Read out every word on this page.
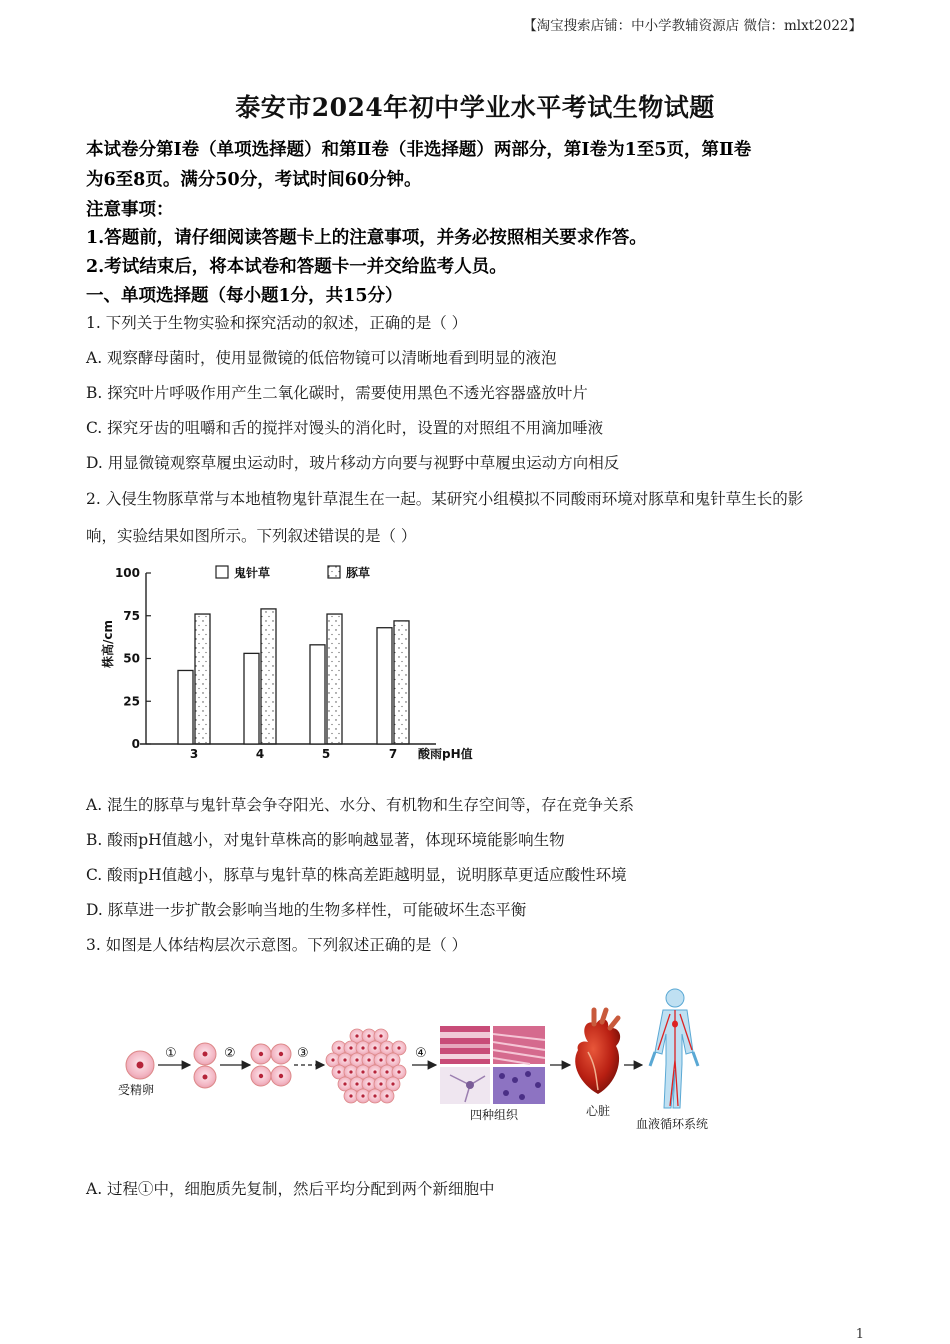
【淘宝搜索店铺：中小学教辅资源店 微信：mlxt2022】
泰安市2024年初中学业水平考试生物试题
本试卷分第Ⅰ卷（单项选择题）和第Ⅱ卷（非选择题）两部分，第Ⅰ卷为1至5页，第Ⅱ卷
为6至8页。满分50分，考试时间60分钟。
注意事项：
1.答题前，请仔细阅读答题卡上的注意事项，并务必按照相关要求作答。
2.考试结束后，将本试卷和答题卡一并交给监考人员。
一、单项选择题（每小题1分，共15分）
1. 下列关于生物实验和探究活动的叙述，正确的是（ ）
A. 观察酵母菌时，使用显微镜的低倍物镜可以清晰地看到明显的液泡
B. 探究叶片呼吸作用产生二氧化碳时，需要使用黑色不透光容器盛放叶片
C. 探究牙齿的咀嚼和舌的搅拌对馒头的消化时，设置的对照组不用滴加唾液
D. 用显微镜观察草履虫运动时，玻片移动方向要与视野中草履虫运动方向相反
2. 入侵生物豚草常与本地植物鬼针草混生在一起。某研究小组模拟不同酸雨环境对豚草和鬼针草生长的影
响，实验结果如图所示。下列叙述错误的是（ ）
0
25
50
75
100
株高/cm
3	4	5	7 酸雨pH值
鬼针草	豚草
A. 混生的豚草与鬼针草会争夺阳光、水分、有机物和生存空间等，存在竞争关系
B. 酸雨pH值越小，对鬼针草株高的影响越显著，体现环境能影响生物
C. 酸雨pH值越小，豚草与鬼针草的株高差距越明显，说明豚草更适应酸性环境
D. 豚草进一步扩散会影响当地的生物多样性，可能破坏生态平衡
3. 如图是人体结构层次示意图。下列叙述正确的是（ ）
受精卵
①	②	③	④
四种组织	心脏
血液循环系统
A. 过程①中，细胞质先复制，然后平均分配到两个新细胞中
1
